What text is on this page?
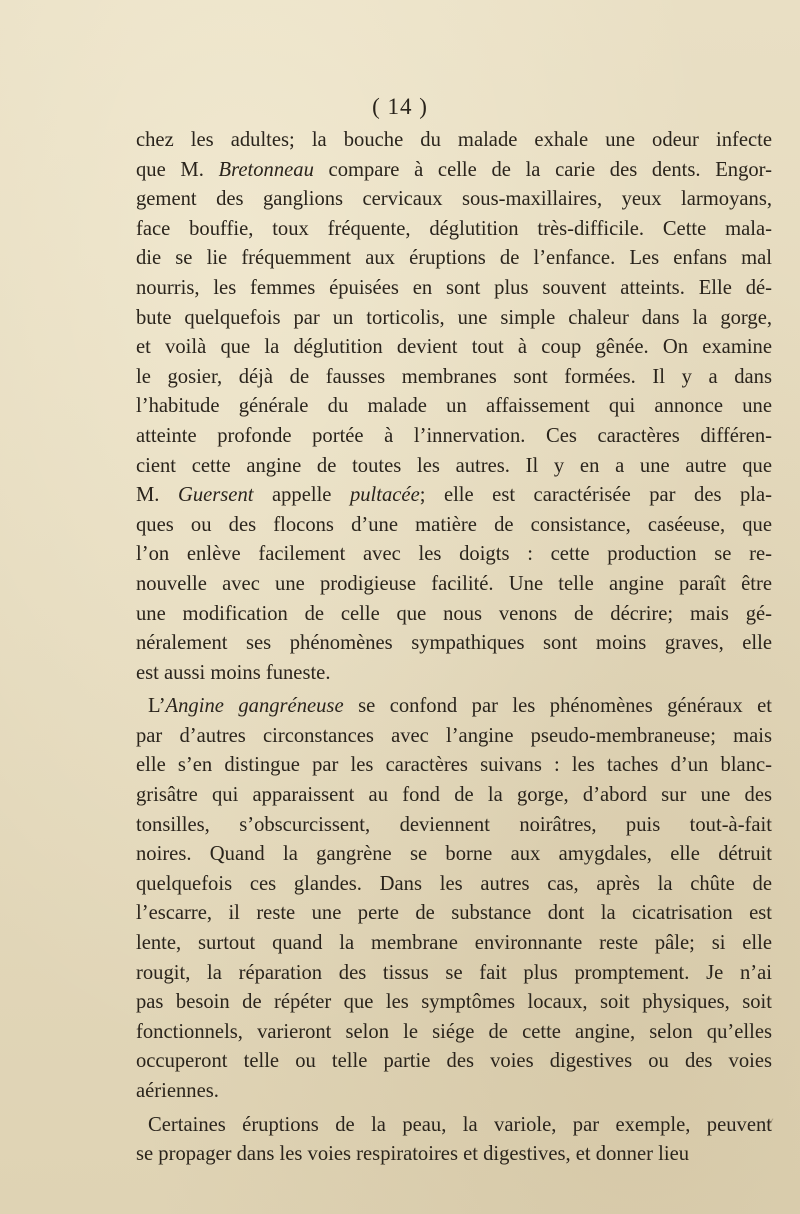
( 14 )
chez les adultes; la bouche du malade exhale une odeur infecte
que M. Bretonneau compare à celle de la carie des dents. Engor-
gement des ganglions cervicaux sous-maxillaires, yeux larmoyans,
face bouffie, toux fréquente, déglutition très-difficile. Cette mala-
die se lie fréquemment aux éruptions de l’enfance. Les enfans mal
nourris, les femmes épuisées en sont plus souvent atteints. Elle dé-
bute quelquefois par un torticolis, une simple chaleur dans la gorge,
et voilà que la déglutition devient tout à coup gênée. On examine
le gosier, déjà de fausses membranes sont formées. Il y a dans
l’habitude générale du malade un affaissement qui annonce une
atteinte profonde portée à l’innervation. Ces caractères différen-
cient cette angine de toutes les autres. Il y en a une autre que
M. Guersent appelle pultacée; elle est caractérisée par des pla-
ques ou des flocons d’une matière de consistance, caséeuse, que
l’on enlève facilement avec les doigts : cette production se re-
nouvelle avec une prodigieuse facilité. Une telle angine paraît être
une modification de celle que nous venons de décrire; mais gé-
néralement ses phénomènes sympathiques sont moins graves, elle
est aussi moins funeste.
L’Angine gangréneuse se confond par les phénomènes généraux et
par d’autres circonstances avec l’angine pseudo-membraneuse; mais
elle s’en distingue par les caractères suivans : les taches d’un blanc-
grisâtre qui apparaissent au fond de la gorge, d’abord sur une des
tonsilles, s’obscurcissent, deviennent noirâtres, puis tout-à-fait
noires. Quand la gangrène se borne aux amygdales, elle détruit
quelquefois ces glandes. Dans les autres cas, après la chûte de
l’escarre, il reste une perte de substance dont la cicatrisation est
lente, surtout quand la membrane environnante reste pâle; si elle
rougit, la réparation des tissus se fait plus promptement. Je n’ai
pas besoin de répéter que les symptômes locaux, soit physiques, soit
fonctionnels, varieront selon le siége de cette angine, selon qu’elles
occuperont telle ou telle partie des voies digestives ou des voies
aériennes.
Certaines éruptions de la peau, la variole, par exemple, peuvent
se propager dans les voies respiratoires et digestives, et donner lieu
